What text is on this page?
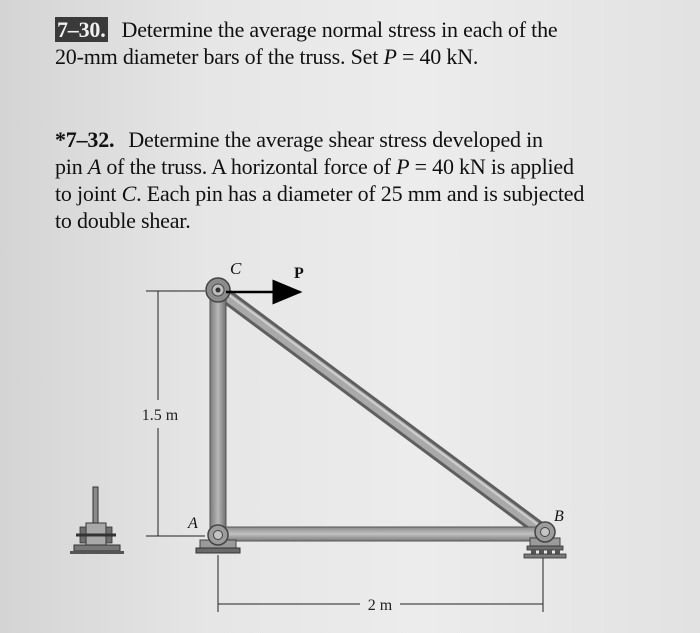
7–30. Determine the average normal stress in each of the
20-mm diameter bars of the truss. Set P = 40 kN.
*7–32. Determine the average shear stress developed in
pin A of the truss. A horizontal force of P = 40 kN is applied
to joint C. Each pin has a diameter of 25 mm and is subjected
to double shear.
1.5 m
2 m
C	P
A	B
